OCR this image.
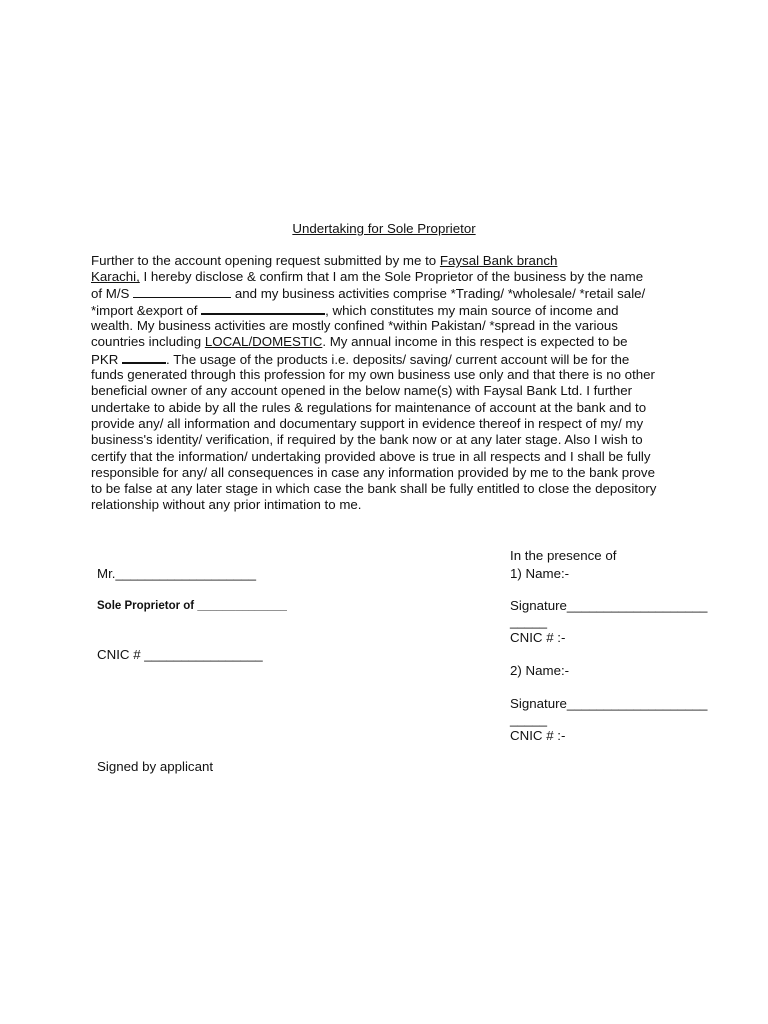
Undertaking for Sole Proprietor

Further to the account opening request submitted by me to Faysal Bank branch
Karachi, I hereby disclose & confirm that I am the Sole Proprietor of the business by the name
of M/S	and my business activities comprise *Trading/ *wholesale/ *retail sale/
*import &export of	, which constitutes my main source of income and
wealth. My business activities are mostly confined *within Pakistan/ *spread in the various
countries including LOCAL/DOMESTIC. My annual income in this respect is expected to be
PKR	. The usage of the products i.e. deposits/ saving/ current account will be for the
funds generated through this profession for my own business use only and that there is no other
beneficial owner of any account opened in the below name(s) with Faysal Bank Ltd. I further
undertake to abide by all the rules & regulations for maintenance of account at the bank and to
provide any/ all information and documentary support in evidence thereof in respect of my/ my
business's identity/ verification, if required by the bank now or at any later stage. Also I wish to
certify that the information/ undertaking provided above is true in all respects and I shall be fully
responsible for any/ all consequences in case any information provided by me to the bank prove
to be false at any later stage in which case the bank shall be fully entitled to close the depository
relationship without any prior intimation to me.

Mr.___________________

Sole Proprietor of ______________

CNIC # ________________

Signed by applicant

In the presence of

1) Name:-

Signature___________________

_____

CNIC # :-

2) Name:-

Signature___________________

_____

CNIC # :-
